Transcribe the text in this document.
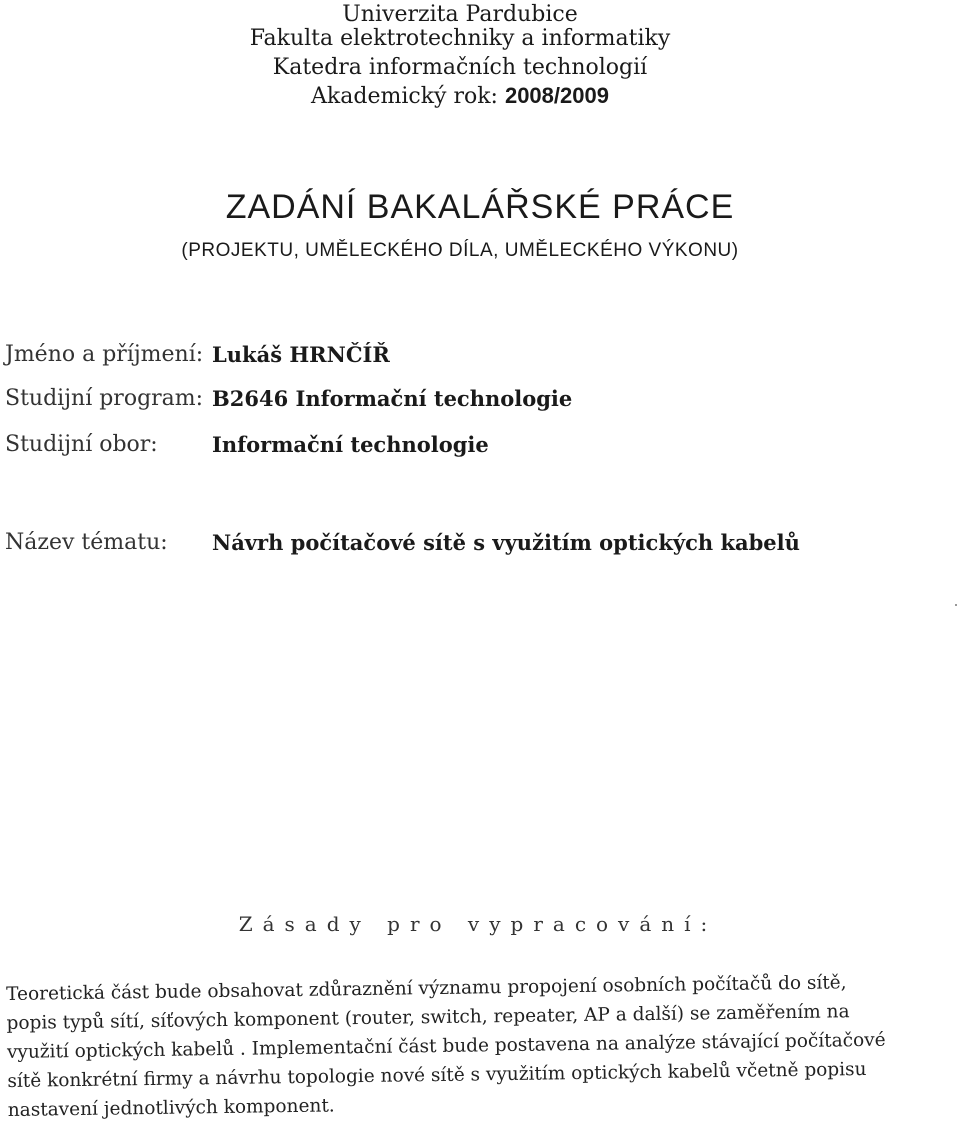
Univerzita Pardubice
Fakulta elektrotechniky a informatiky
Katedra informačních technologií
Akademický rok: 2008/2009
ZADÁNÍ BAKALÁŘSKÉ PRÁCE
(PROJEKTU, UMĚLECKÉHO DÍLA, UMĚLECKÉHO VÝKONU)
Jméno a příjmení: Lukáš HRNČÍŘ
Studijní program: B2646 Informační technologie
Studijní obor:	Informační technologie
Název tématu: Návrh počítačové sítě s využitím optických kabelů
Zásady pro vypracování:
Teoretická část bude obsahovat zdůraznění významu propojení osobních počítačů do sítě,
popis typů sítí, síťových komponent (router, switch, repeater, AP a další) se zaměřením na
využití optických kabelů . Implementační část bude postavena na analýze stávající počítačové
sítě konkrétní firmy a návrhu topologie nové sítě s využitím optických kabelů včetně popisu
nastavení jednotlivých komponent.
